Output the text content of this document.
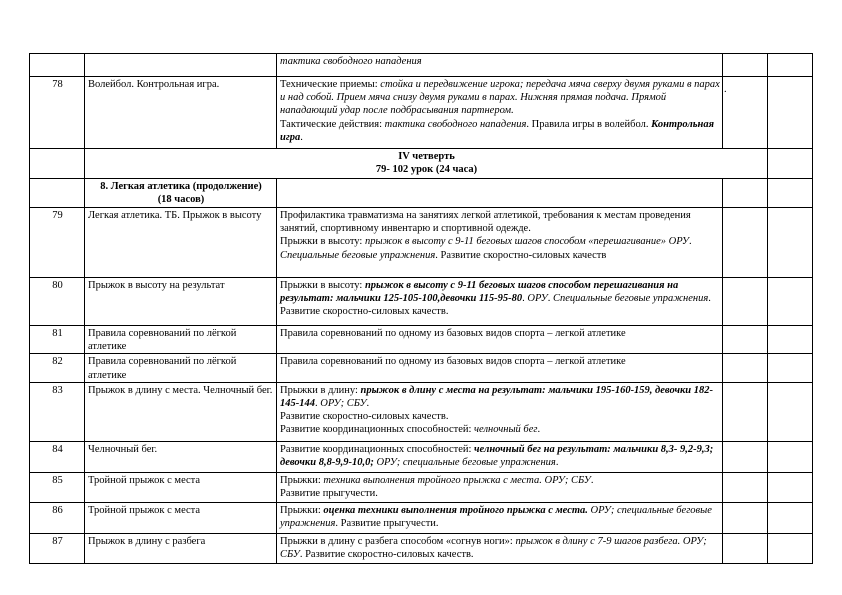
		тактика свободного нападения		

78	Волейбол. Контрольная игра.	Технические приемы: стойка и передвижение игрока; передача мяча сверху двумя руками в парах и над собой. Прием мяча снизу двумя руками в парах. Нижняя прямая подача. Прямой нападающий удар после подбрасывания партнером.
Тактические действия: тактика свободного нападения. Правила игры в волейбол. Контрольная игра.	.	

	IV четверть
79- 102 урок (24 часа)			

	8. Легкая атлетика (продолжение)
(18 часов)			

79	Легкая атлетика. ТБ. Прыжок в высоту	Профилактика травматизма на занятиях легкой атлетикой, требования к местам проведения занятий, спортивному инвентарю и спортивной одежде.
Прыжки в высоту: прыжок в высоту с 9-11 беговых шагов способом «перешагивание» ОРУ. Специальные беговые упражнения. Развитие скоростно-силовых качеств		

80	Прыжок в высоту на результат	Прыжки в высоту: прыжок в высоту с 9-11 беговых шагов способом перешагивания на результат: мальчики 125-105-100,девочки 115-95-80. ОРУ. Специальные беговые упражнения. Развитие скоростно-силовых качеств.		

81	Правила соревнований по лёгкой атлетике	Правила соревнований по одному из базовых видов спорта – легкой атлетике		

82	Правила соревнований по лёгкой атлетике	Правила соревнований по одному из базовых видов спорта – легкой атлетике		

83	Прыжок в длину с места. Челночный бег.	Прыжки в длину: прыжок в длину с места на результат: мальчики 195-160-159, девочки 182-145-144. ОРУ; СБУ.
Развитие скоростно-силовых качеств.
Развитие координационных способностей: челночный бег.		

84	Челночный бег.	Развитие координационных способностей: челночный бег на результат: мальчики 8,3- 9,2-9,3; девочки 8,8-9,9-10,0; ОРУ; специальные беговые упражнения.		

85	Тройной прыжок с места	Прыжки: техника выполнения тройного прыжка с места. ОРУ; СБУ.
Развитие прыгучести.		

86	Тройной прыжок с места	Прыжки: оценка техники выполнения тройного прыжка с места. ОРУ; специальные беговые упражнения. Развитие прыгучести.		

87	Прыжок в длину с разбега	Прыжки в длину с разбега способом «согнув ноги»: прыжок в длину с 7-9 шагов разбега. ОРУ; СБУ. Развитие скоростно-силовых качеств.		
